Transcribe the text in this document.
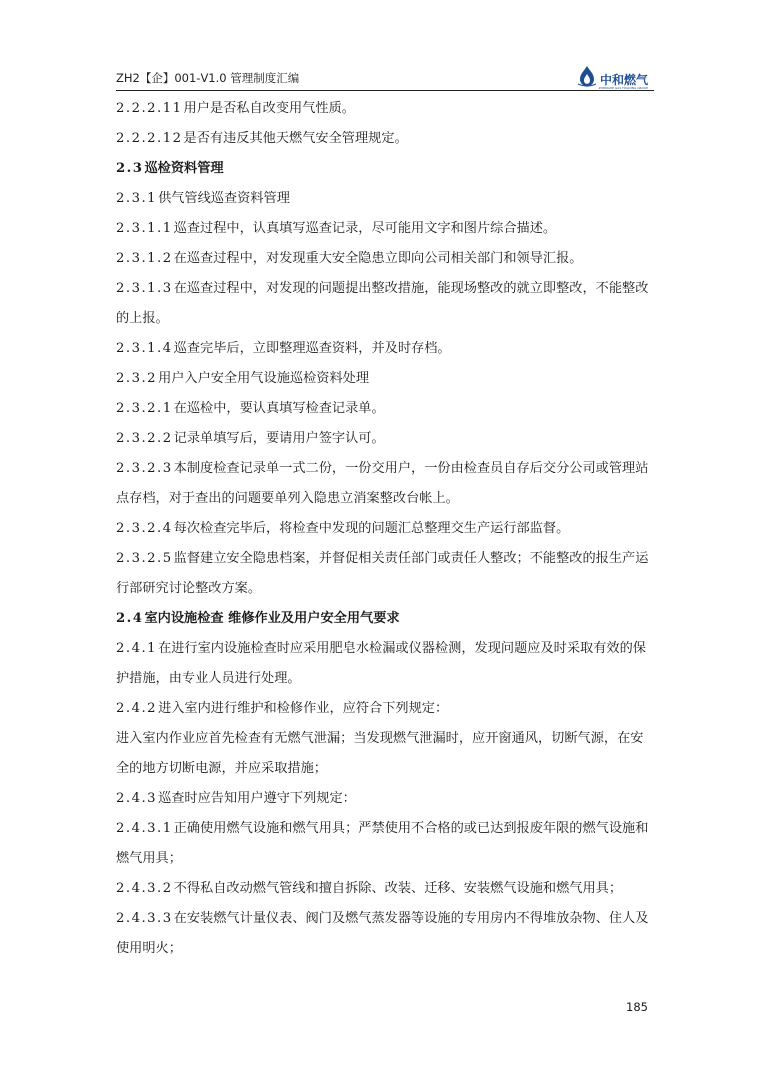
ZH2【企】001-V1.0 管理制度汇编	中和燃气
ZHONGHE GAS HOLDING GROUP

2.2.2.11用户是否私自改变用气性质。

2.2.2.12是否有违反其他天燃气安全管理规定。

2.3巡检资料管理

2.3.1供气管线巡查资料管理

2.3.1.1巡查过程中，认真填写巡查记录，尽可能用文字和图片综合描述。

2.3.1.2在巡查过程中，对发现重大安全隐患立即向公司相关部门和领导汇报。

2.3.1.3在巡查过程中，对发现的问题提出整改措施，能现场整改的就立即整改，不能整改的上报。

2.3.1.4巡查完毕后，立即整理巡查资料，并及时存档。

2.3.2用户入户安全用气设施巡检资料处理

2.3.2.1在巡检中，要认真填写检查记录单。

2.3.2.2记录单填写后，要请用户签字认可。

2.3.2.3本制度检查记录单一式二份，一份交用户，一份由检查员自存后交分公司或管理站点存档，对于查出的问题要单列入隐患立消案整改台帐上。

2.3.2.4每次检查完毕后，将检查中发现的问题汇总整理交生产运行部监督。

2.3.2.5监督建立安全隐患档案，并督促相关责任部门或责任人整改；不能整改的报生产运行部研究讨论整改方案。

2.4室内设施检查 维修作业及用户安全用气要求

2.4.1在进行室内设施检查时应采用肥皂水检漏或仪器检测，发现问题应及时采取有效的保护措施，由专业人员进行处理。

2.4.2进入室内进行维护和检修作业，应符合下列规定：

进入室内作业应首先检查有无燃气泄漏；当发现燃气泄漏时，应开窗通风，切断气源，在安全的地方切断电源，并应采取措施；

2.4.3巡查时应告知用户遵守下列规定：

2.4.3.1正确使用燃气设施和燃气用具；严禁使用不合格的或已达到报废年限的燃气设施和燃气用具；

2.4.3.2不得私自改动燃气管线和擅自拆除、改装、迁移、安装燃气设施和燃气用具；

2.4.3.3在安装燃气计量仪表、阀门及燃气蒸发器等设施的专用房内不得堆放杂物、住人及使用明火；

185
